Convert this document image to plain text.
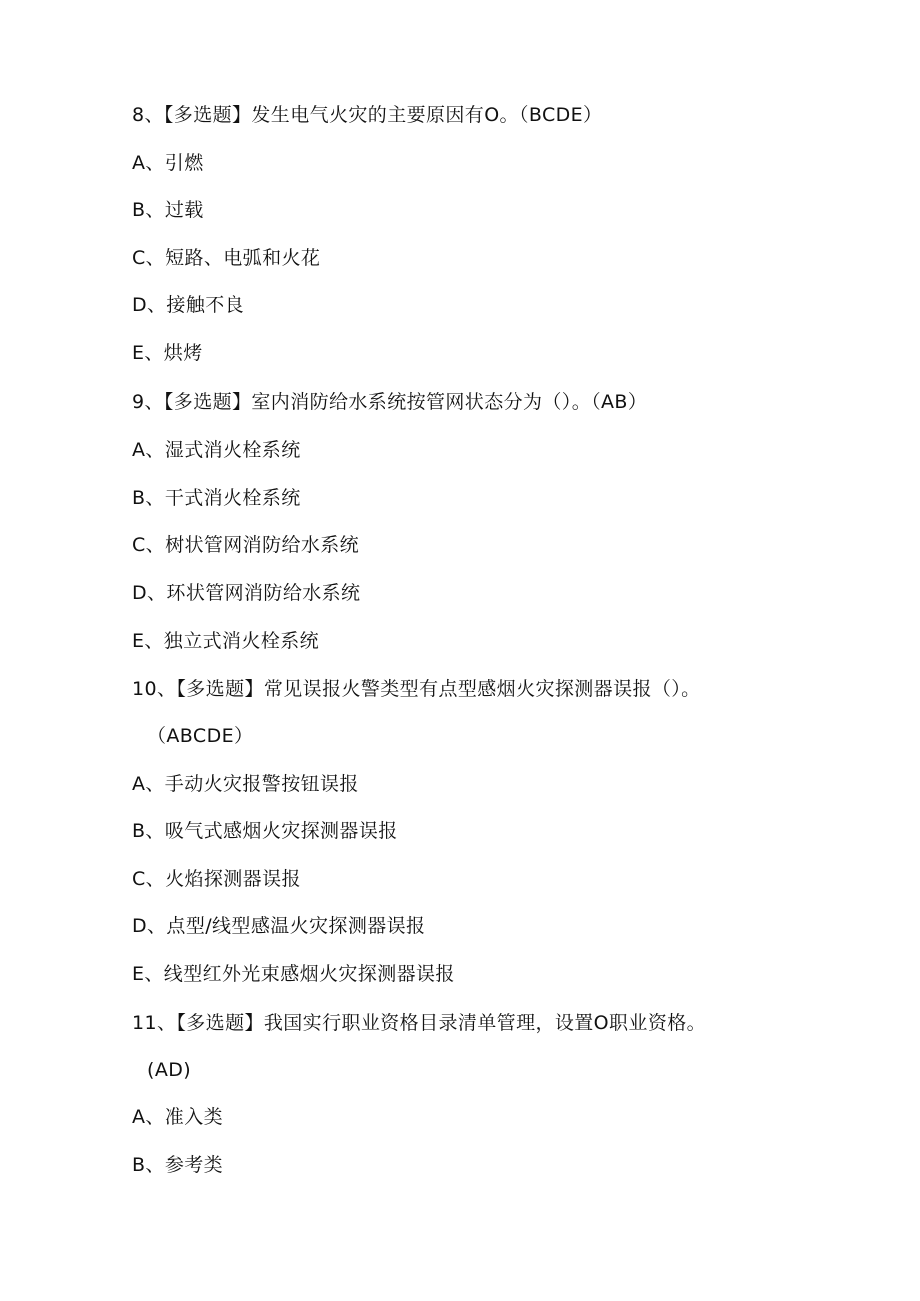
8、【多选题】发生电气火灾的主要原因有O。（BCDE）
A、引燃
B、过载
C、短路、电弧和火花
D、接触不良
E、烘烤
9、【多选题】室内消防给水系统按管网状态分为（）。（AB）
A、湿式消火栓系统
B、干式消火栓系统
C、树状管网消防给水系统
D、环状管网消防给水系统
E、独立式消火栓系统
10、【多选题】常见误报火警类型有点型感烟火灾探测器误报（）。
（ABCDE）
A、手动火灾报警按钮误报
B、吸气式感烟火灾探测器误报
C、火焰探测器误报
D、点型/线型感温火灾探测器误报
E、线型红外光束感烟火灾探测器误报
11、【多选题】我国实行职业资格目录清单管理，设置O职业资格。
(AD)
A、准入类
B、参考类
